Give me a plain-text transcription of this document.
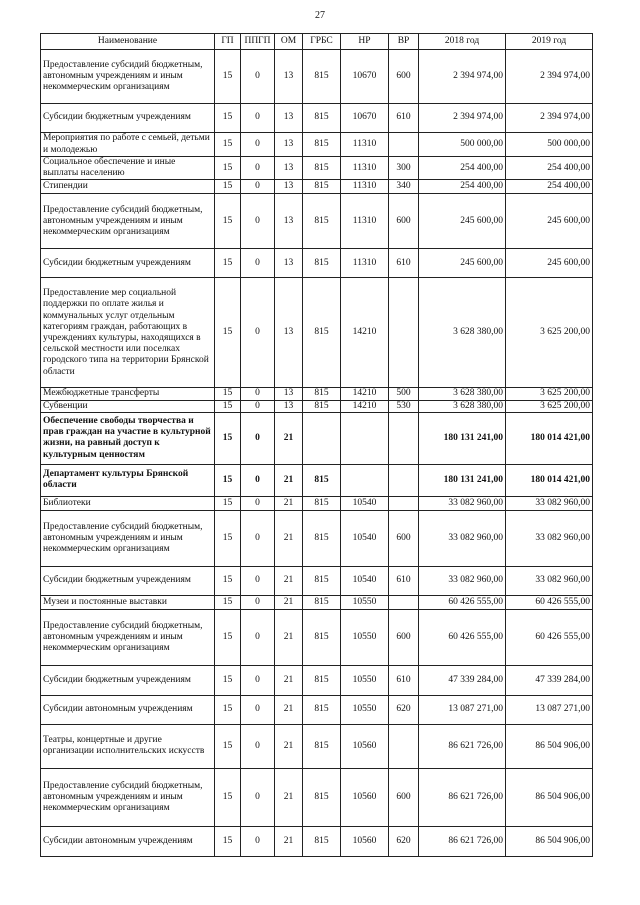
27
Наименование	ГП	ППГП	ОМ	ГРБС	НР	ВР	2018 год	2019 год
Предоставление субсидий бюджетным, автономным учреждениям и иным некоммерческим организациям	15	0	13	815	10670	600	2 394 974,00	2 394 974,00
Субсидии бюджетным учреждениям	15	0	13	815	10670	610	2 394 974,00	2 394 974,00
Мероприятия по работе с семьей, детьми и молодежью	15	0	13	815	11310		500 000,00	500 000,00
Социальное обеспечение и иные выплаты населению	15	0	13	815	11310	300	254 400,00	254 400,00
Стипендии	15	0	13	815	11310	340	254 400,00	254 400,00
Предоставление субсидий бюджетным, автономным учреждениям и иным некоммерческим организациям	15	0	13	815	11310	600	245 600,00	245 600,00
Субсидии бюджетным учреждениям	15	0	13	815	11310	610	245 600,00	245 600,00
Предоставление мер социальной поддержки по оплате жилья и коммунальных услуг отдельным категориям граждан, работающих в учреждениях культуры, находящихся в сельской местности или поселках городского типа на территории Брянской области	15	0	13	815	14210		3 628 380,00	3 625 200,00
Межбюджетные трансферты	15	0	13	815	14210	500	3 628 380,00	3 625 200,00
Субвенции	15	0	13	815	14210	530	3 628 380,00	3 625 200,00
Обеспечение свободы творчества и прав граждан на участие в культурной жизни, на равный доступ к культурным ценностям	15	0	21				180 131 241,00	180 014 421,00
Департамент культуры Брянской области	15	0	21	815			180 131 241,00	180 014 421,00
Библиотеки	15	0	21	815	10540		33 082 960,00	33 082 960,00
Предоставление субсидий бюджетным, автономным учреждениям и иным некоммерческим организациям	15	0	21	815	10540	600	33 082 960,00	33 082 960,00
Субсидии бюджетным учреждениям	15	0	21	815	10540	610	33 082 960,00	33 082 960,00
Музеи и постоянные выставки	15	0	21	815	10550		60 426 555,00	60 426 555,00
Предоставление субсидий бюджетным, автономным учреждениям и иным некоммерческим организациям	15	0	21	815	10550	600	60 426 555,00	60 426 555,00
Субсидии бюджетным учреждениям	15	0	21	815	10550	610	47 339 284,00	47 339 284,00
Субсидии автономным учреждениям	15	0	21	815	10550	620	13 087 271,00	13 087 271,00
Театры, концертные и другие организации исполнительских искусств	15	0	21	815	10560		86 621 726,00	86 504 906,00
Предоставление субсидий бюджетным, автономным учреждениям и иным некоммерческим организациям	15	0	21	815	10560	600	86 621 726,00	86 504 906,00
Субсидии автономным учреждениям	15	0	21	815	10560	620	86 621 726,00	86 504 906,00
